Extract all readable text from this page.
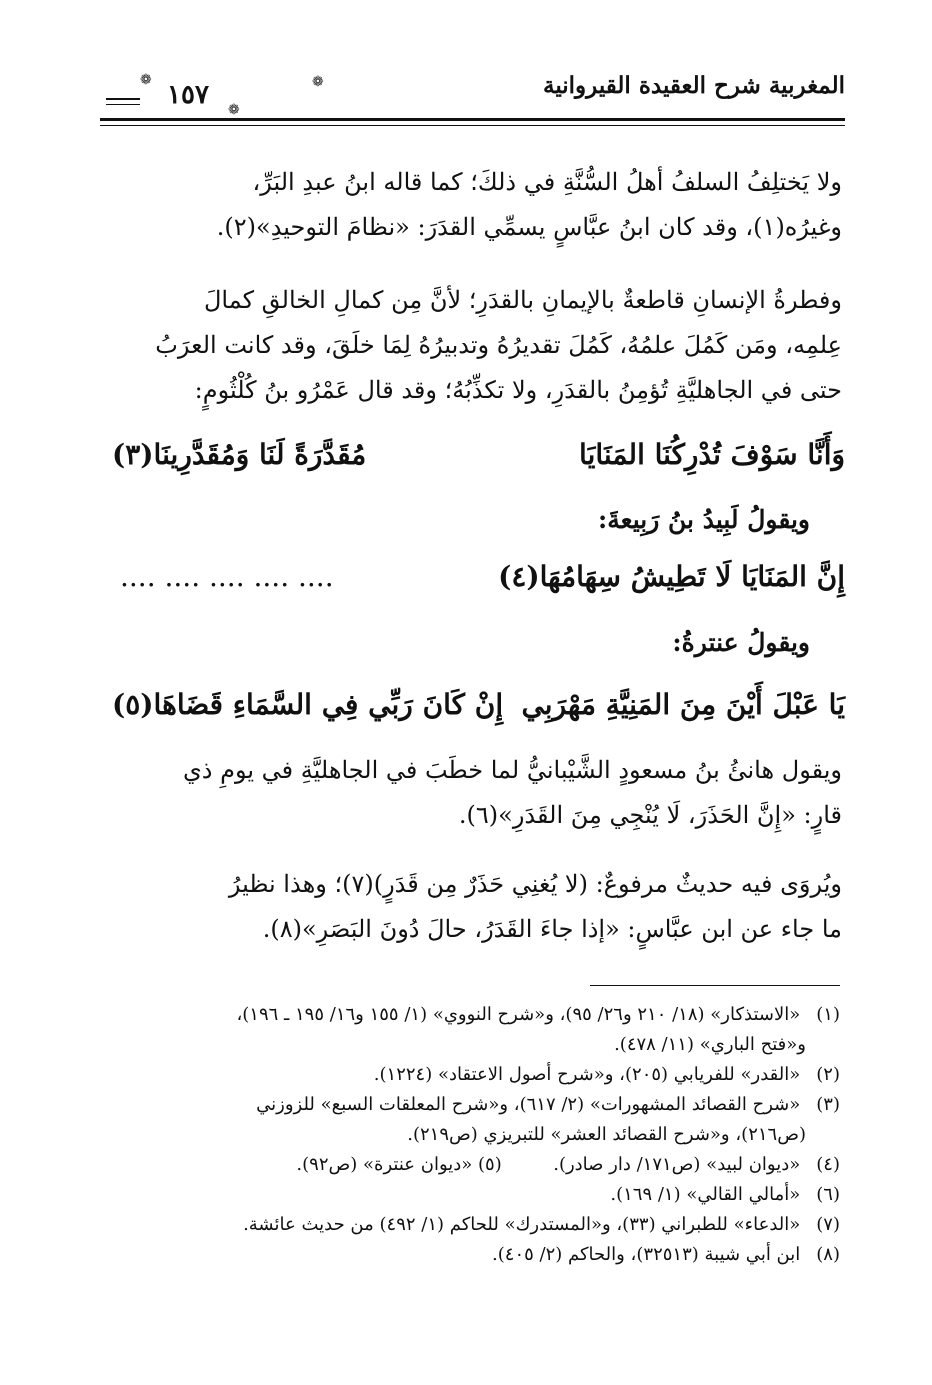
المغربية شرح العقيدة القيروانية
١٥٧
❁
❁
❁
ولا يَختلِفُ السلفُ أهلُ السُّنَّةِ في ذلكَ؛ كما قاله ابنُ عبدِ البَرِّ،
وغيرُه(١)، وقد كان ابنُ عبَّاسٍ يسمِّي القدَرَ: «نظامَ التوحيدِ»(٢).
وفطرةُ الإنسانِ قاطعةٌ بالإيمانِ بالقدَرِ؛ لأنَّ مِن كمالِ الخالقِ كمالَ
عِلمِه، ومَن كَمُلَ علمُهُ، كَمُلَ تقديرُهُ وتدبيرُهُ لِمَا خلَقَ، وقد كانت العرَبُ
حتى في الجاهليَّةِ تُؤمِنُ بالقدَرِ، ولا تكذِّبُهُ؛ وقد قال عَمْرُو بنُ كُلْثُومٍ:
وَأَنَّا سَوْفَ تُدْرِكُنَا المَنَايَا
مُقَدَّرَةً لَنَا وَمُقَدَّرِينَا(٣)
ويقولُ لَبِيدُ بنُ رَبِيعةَ:
إِنَّ المَنَايَا لَا تَطِيشُ سِهَامُهَا(٤)
.... .... .... .... ....
ويقولُ عنترةُ:
يَا عَبْلَ أَيْنَ مِنَ المَنِيَّةِ مَهْرَبِي
إِنْ كَانَ رَبِّي فِي السَّمَاءِ قَضَاهَا(٥)
ويقول هانئُ بنُ مسعودٍ الشَّيْبانيُّ لما خطَبَ في الجاهليَّةِ في يومِ ذي
قارٍ: «إِنَّ الحَذَرَ، لَا يُنْجِي مِنَ القَدَرِ»(٦).
ويُروَى فيه حديثٌ مرفوعٌ: (لا يُغنِي حَذَرٌ مِن قَدَرٍ)(٧)؛ وهذا نظيرُ
ما جاء عن ابن عبَّاسٍ: «إذا جاءَ القَدَرُ، حالَ دُونَ البَصَرِ»(٨).
(١) «الاستذكار» (١٨/ ٢١٠ و٢٦/ ٩٥)، و«شرح النووي» (١/ ١٥٥ و١٦/ ١٩٥ ـ ١٩٦)،
و«فتح الباري» (١١/ ٤٧٨).
(٢) «القدر» للفريابي (٢٠٥)، و«شرح أصول الاعتقاد» (١٢٢٤).
(٣) «شرح القصائد المشهورات» (٢/ ٦١٧)، و«شرح المعلقات السبع» للزوزني
(ص٢١٦)، و«شرح القصائد العشر» للتبريزي (ص٢١٩).
(٤) «ديوان لبيد» (ص١٧١/ دار صادر).  (٥) «ديوان عنترة» (ص٩٢).
(٦) «أمالي القالي» (١/ ١٦٩).
(٧) «الدعاء» للطبراني (٣٣)، و«المستدرك» للحاكم (١/ ٤٩٢) من حديث عائشة.
(٨) ابن أبي شيبة (٣٢٥١٣)، والحاكم (٢/ ٤٠٥).
